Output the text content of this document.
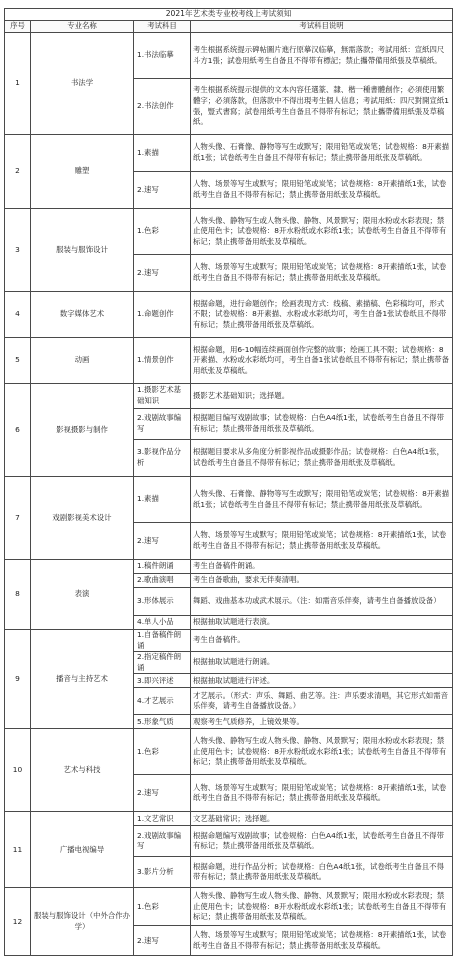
2021年艺术类专业校考线上考试须知			
序号	专业名称	考试科目	考试科目说明
1	书法学	1.书法临摹	考生根据系统提示碑帖圖片進行原摹汉临摹，無需落款；考試用紙：宣紙四尺斗方1張；試卷用紙考生自备且不得带有標記；禁止攜帶備用紙張及草稿紙。
		2.书法创作	考生根据系统提示提供的文本內容任選篆、隸、楷一種書體創作；必須使用繁體字；必須落款，但落款中不得出現考生個人信息；考試用紙：四尺對開宣紙1張，豎式書寫；試卷用紙考生自备且不得带有标记；禁止攜帶備用紙張及草稿紙。
2	雕塑	1.素描	人物头像、石膏像、静物等写生或默写；限用铅笔或炭笔；试卷规格：8开素描纸1张；试卷纸考生自备且不得带有标记；禁止携带备用纸张及草稿纸。
		2.速写	人物、场景等写生或默写；限用铅笔或炭笔；试卷规格：8开素描纸1张，试卷纸考生自备且不得带有标记；禁止携带备用纸张及草稿纸。
3	服装与服饰设计	1.色彩	人物头像、静物写生或人物头像、静物、风景默写；限用水粉或水彩表现；禁止使用色卡；试卷规格：8开水粉纸或水彩纸1张；试卷纸考生自备且不得带有标记；禁止携带备用纸张及草稿纸。
		2.速写	人物、场景等写生或默写；限用铅笔或炭笔；试卷规格：8开素描纸1张，试卷纸考生自备且不得带有标记；禁止携带备用纸张及草稿纸。
4	数字媒体艺术	1.命题创作	根据命题，进行命题创作；绘画表现方式：线稿、素描稿、色彩稿均可，形式不限；试卷规格：8开素描、水粉或水彩纸均可，考生自备1张试卷纸且不得带有标记；禁止携带备用纸张及草稿纸。
5	动画	1.情景创作	根据命题，用6-10幅连续画面创作完整的故事；绘画工具不限；试卷规格：8开素描、水粉或水彩纸均可，考生自备1张试卷纸且不得带有标记；禁止携带备用纸张及草稿纸。
6	影视摄影与制作	1.摄影艺术基础知识	摄影艺术基础知识；选择题。
		2.戏剧故事编写	根据题目编写戏剧故事；试卷规格：白色A4纸1张，试卷纸考生自备且不得带有标记；禁止携带备用纸张及草稿纸。
		3.影视作品分析	根据题目要求从多角度分析影视作品或摄影作品；试卷规格：白色A4纸1张，试卷纸考生自备且不得带有标记；禁止携带备用纸张及草稿纸。
7	戏剧影视美术设计	1.素描	人物头像、石膏像、静物等写生或默写；限用铅笔或炭笔；试卷规格：8开素描纸1张；试卷纸考生自备且不得带有标记；禁止携带备用纸张及草稿纸。
		2.速写	人物、场景等写生或默写；限用铅笔或炭笔；试卷规格：8开素描纸1张，试卷纸考生自备且不得带有标记；禁止携带备用纸张及草稿纸。
8	表演	1.稿件朗诵	考生自备稿件朗诵。
		2.歌曲演唱	考生自备歌曲，要求无伴奏清唱。
		3.形体展示	舞蹈、戏曲基本功或武术展示。（注：如需音乐伴奏，请考生自备播放设备）
		4.单人小品	根据抽取试题进行表演。
9	播音与主持艺术	1.自备稿件朗诵	考生自备稿件。
		2.指定稿件朗诵	根据抽取试题进行朗诵。
		3.即兴评述	根据抽取试题进行评述。
		4.才艺展示	才艺展示。（形式：声乐、舞蹈、曲艺等。注：声乐要求清唱，其它形式如需音乐伴奏，请考生自备播放设备。）
		5.形象气质	观察考生气质修养，上镜效果等。
10	艺术与科技	1.色彩	人物头像、静物写生或人物头像、静物、风景默写；限用水粉或水彩表现；禁止使用色卡；试卷规格：8开水粉纸或水彩纸1张；试卷纸考生自备且不得带有标记；禁止携带备用纸张及草稿纸。
		2.速写	人物、场景等写生或默写；限用铅笔或炭笔；试卷规格：8开素描纸1张，试卷纸考生自备且不得带有标记；禁止携带备用纸张及草稿纸。
11	广播电视编导	1.文艺常识	文艺基础常识；选择题。
		2.戏剧故事编写	根据命题编写戏剧故事；试卷规格：白色A4纸1张，试卷纸考生自备且不得带有标记；禁止携带备用纸张及草稿纸。
		3.影片分析	根据命题，进行作品分析；试卷规格：白色A4纸1张，试卷纸考生自备且不得带有标记；禁止携带备用纸张及草稿纸。
12	服装与服饰设计（中外合作办学）	1.色彩	人物头像、静物写生或人物头像、静物、风景默写；限用水粉或水彩表现；禁止使用色卡；试卷规格：8开水粉纸或水彩纸1张；试卷纸考生自备且不得带有标记；禁止携带备用纸张及草稿纸。
		2.速写	人物、场景等写生或默写；限用铅笔或炭笔；试卷规格：8开素描纸1张，试卷纸考生自备且不得带有标记；禁止携带备用纸张及草稿纸。
